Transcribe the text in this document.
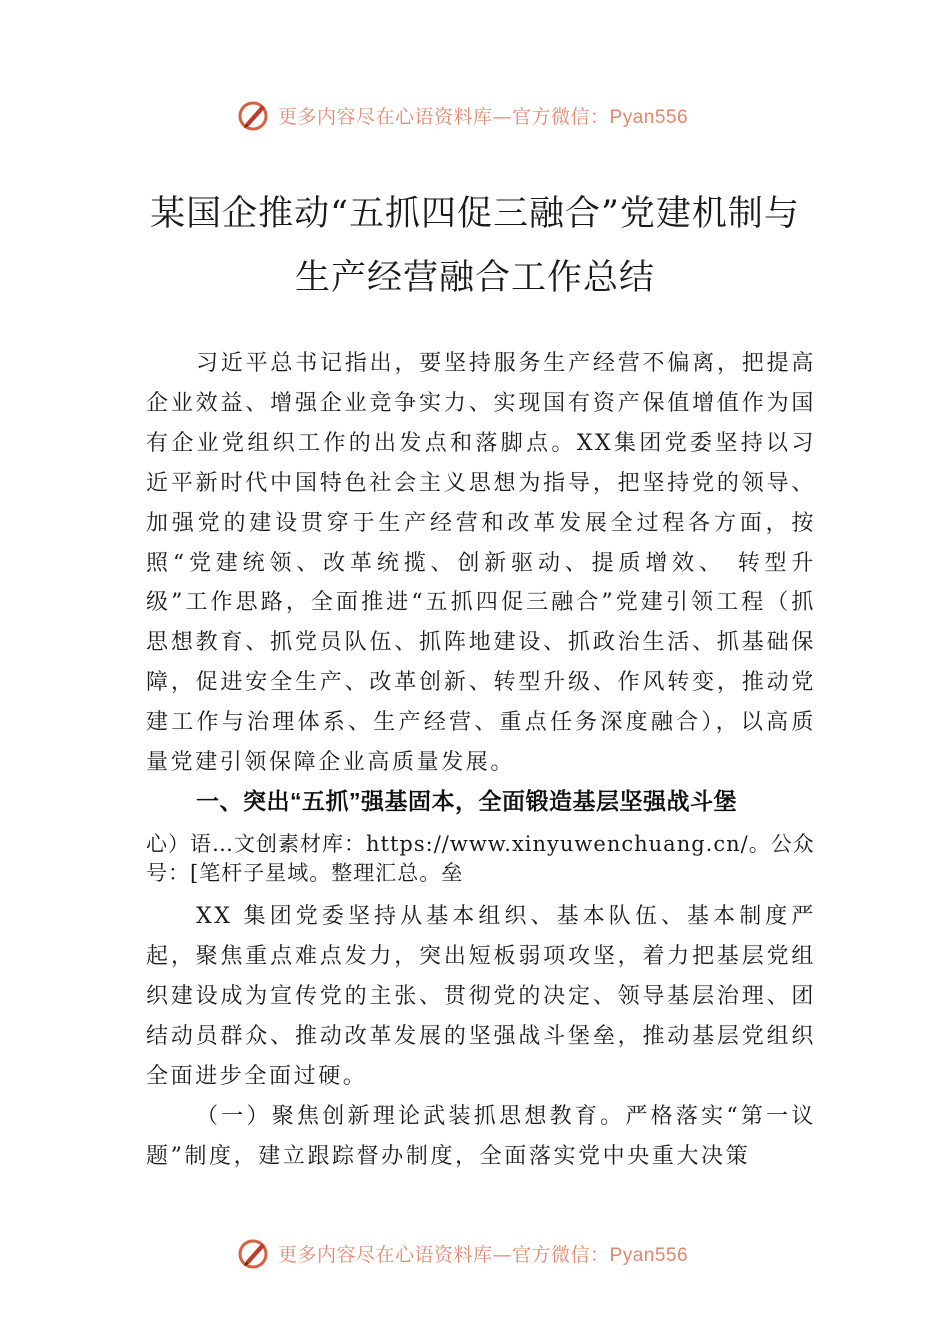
更多内容尽在心语资料库—官方微信：Pyan556
某国企推动“五抓四促三融合”党建机制与
生产经营融合工作总结

习近平总书记指出，要坚持服务生产经营不偏离，把提高企业效益、增强企业竞争实力、实现国有资产保值增值作为国有企业党组织工作的出发点和落脚点。XX集团党委坚持以习近平新时代中国特色社会主义思想为指导，把坚持党的领导、加强党的建设贯穿于生产经营和改革发展全过程各方面，按照“党建统领、改革统揽、创新驱动、提质增效、 转型升级”工作思路，全面推进“五抓四促三融合”党建引领工程（抓思想教育、抓党员队伍、抓阵地建设、抓政治生活、抓基础保障，促进安全生产、改革创新、转型升级、作风转变，推动党建工作与治理体系、生产经营、重点任务深度融合），以高质量党建引领保障企业高质量发展。

一、突出“五抓”强基固本，全面锻造基层坚强战斗堡

心）语…文创素材库：https://www.xinyuwenchuang.cn/。公众号：[笔杆子星域。整理汇总。垒

XX 集团党委坚持从基本组织、基本队伍、基本制度严起，聚焦重点难点发力，突出短板弱项攻坚，着力把基层党组织建设成为宣传党的主张、贯彻党的决定、领导基层治理、团结动员群众、推动改革发展的坚强战斗堡垒，推动基层党组织全面进步全面过硬。

（一）聚焦创新理论武装抓思想教育。严格落实“第一议题”制度，建立跟踪督办制度，全面落实党中央重大决策

更多内容尽在心语资料库—官方微信：Pyan556
